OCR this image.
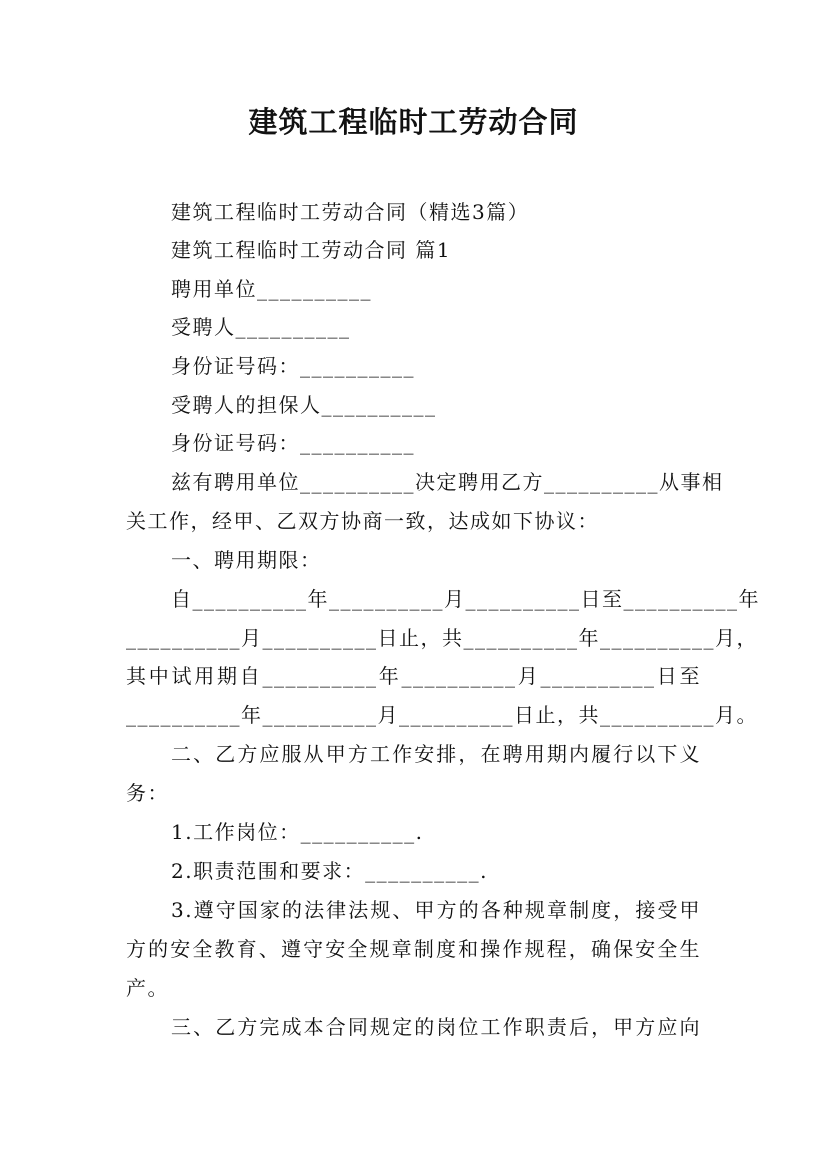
建筑工程临时工劳动合同
建筑工程临时工劳动合同（精选3篇）
建筑工程临时工劳动合同 篇1
聘用单位__________
受聘人__________
身份证号码：__________
受聘人的担保人__________
身份证号码：__________
兹有聘用单位__________决定聘用乙方__________从事相
关工作，经甲、乙双方协商一致，达成如下协议：
一、聘用期限：
自__________年__________月__________日至__________年
__________月__________日止，共__________年__________月，
其中试用期自__________年__________月__________日至
__________年__________月__________日止，共__________月。
二、乙方应服从甲方工作安排，在聘用期内履行以下义
务：
1.工作岗位：__________.
2.职责范围和要求：__________.
3.遵守国家的法律法规、甲方的各种规章制度，接受甲
方的安全教育、遵守安全规章制度和操作规程，确保安全生
产。
三、乙方完成本合同规定的岗位工作职责后，甲方应向
